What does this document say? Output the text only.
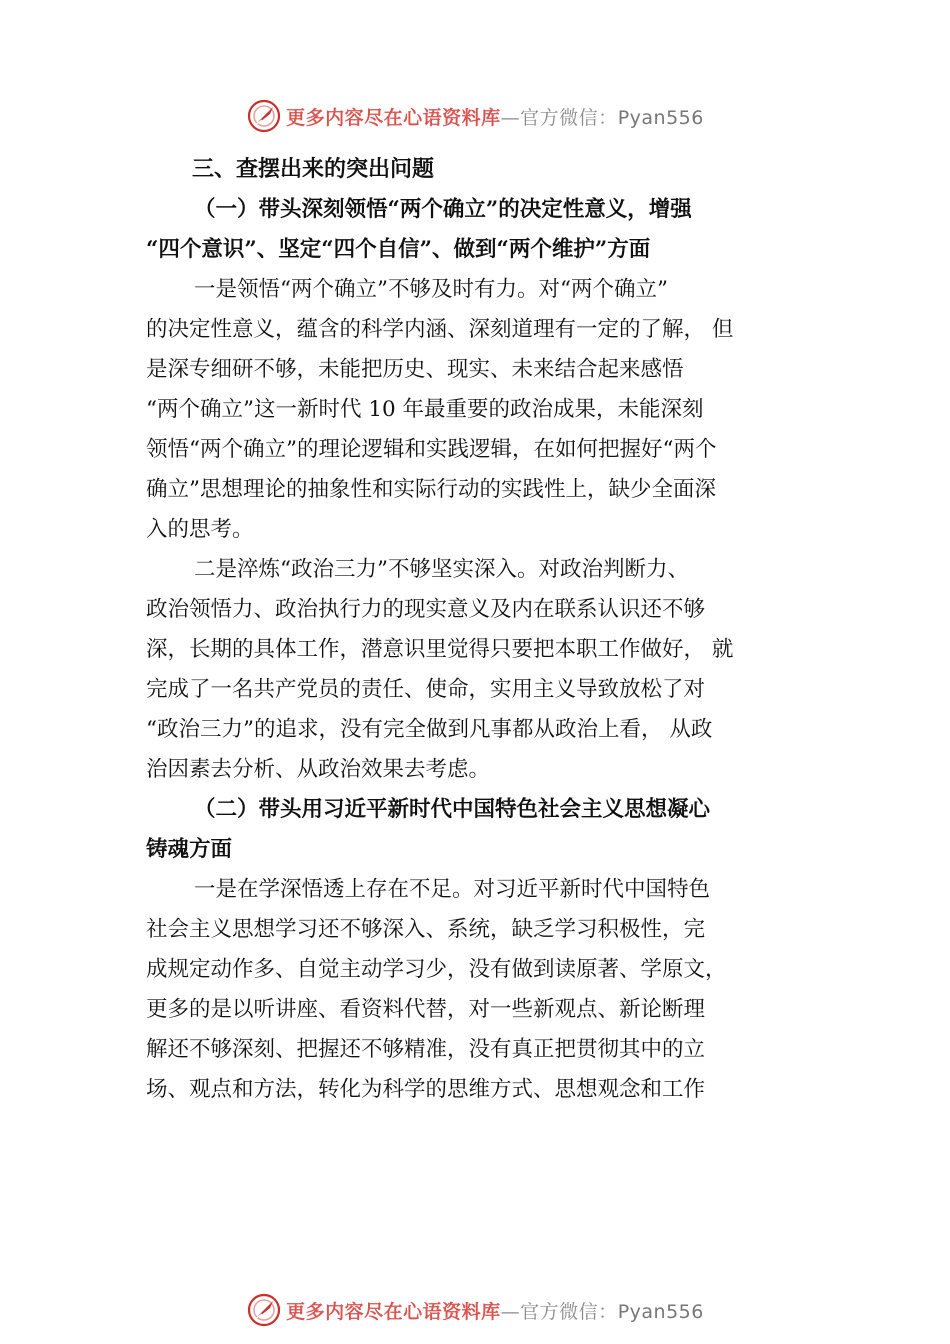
更多内容尽在心语资料库—官方微信：Pyan556
三、查摆出来的突出问题
（一）带头深刻领悟“两个确立”的决定性意义，增强
“四个意识”、坚定“四个自信”、做到“两个维护”方面
一是领悟“两个确立”不够及时有力。对“两个确立”
的决定性意义，蕴含的科学内涵、深刻道理有一定的了解， 但
是深专细研不够，未能把历史、现实、未来结合起来感悟
“两个确立”这一新时代 10 年最重要的政治成果，未能深刻
领悟“两个确立”的理论逻辑和实践逻辑，在如何把握好“两个
确立”思想理论的抽象性和实际行动的实践性上，缺少全面深
入的思考。
二是淬炼“政治三力”不够坚实深入。对政治判断力、
政治领悟力、政治执行力的现实意义及内在联系认识还不够
深，长期的具体工作，潜意识里觉得只要把本职工作做好， 就
完成了一名共产党员的责任、使命，实用主义导致放松了对
“政治三力”的追求，没有完全做到凡事都从政治上看， 从政
治因素去分析、从政治效果去考虑。
（二）带头用习近平新时代中国特色社会主义思想凝心
铸魂方面
一是在学深悟透上存在不足。对习近平新时代中国特色
社会主义思想学习还不够深入、系统，缺乏学习积极性，完
成规定动作多、自觉主动学习少，没有做到读原著、学原文，
更多的是以听讲座、看资料代替，对一些新观点、新论断理
解还不够深刻、把握还不够精准，没有真正把贯彻其中的立
场、观点和方法，转化为科学的思维方式、思想观念和工作
更多内容尽在心语资料库—官方微信：Pyan556
